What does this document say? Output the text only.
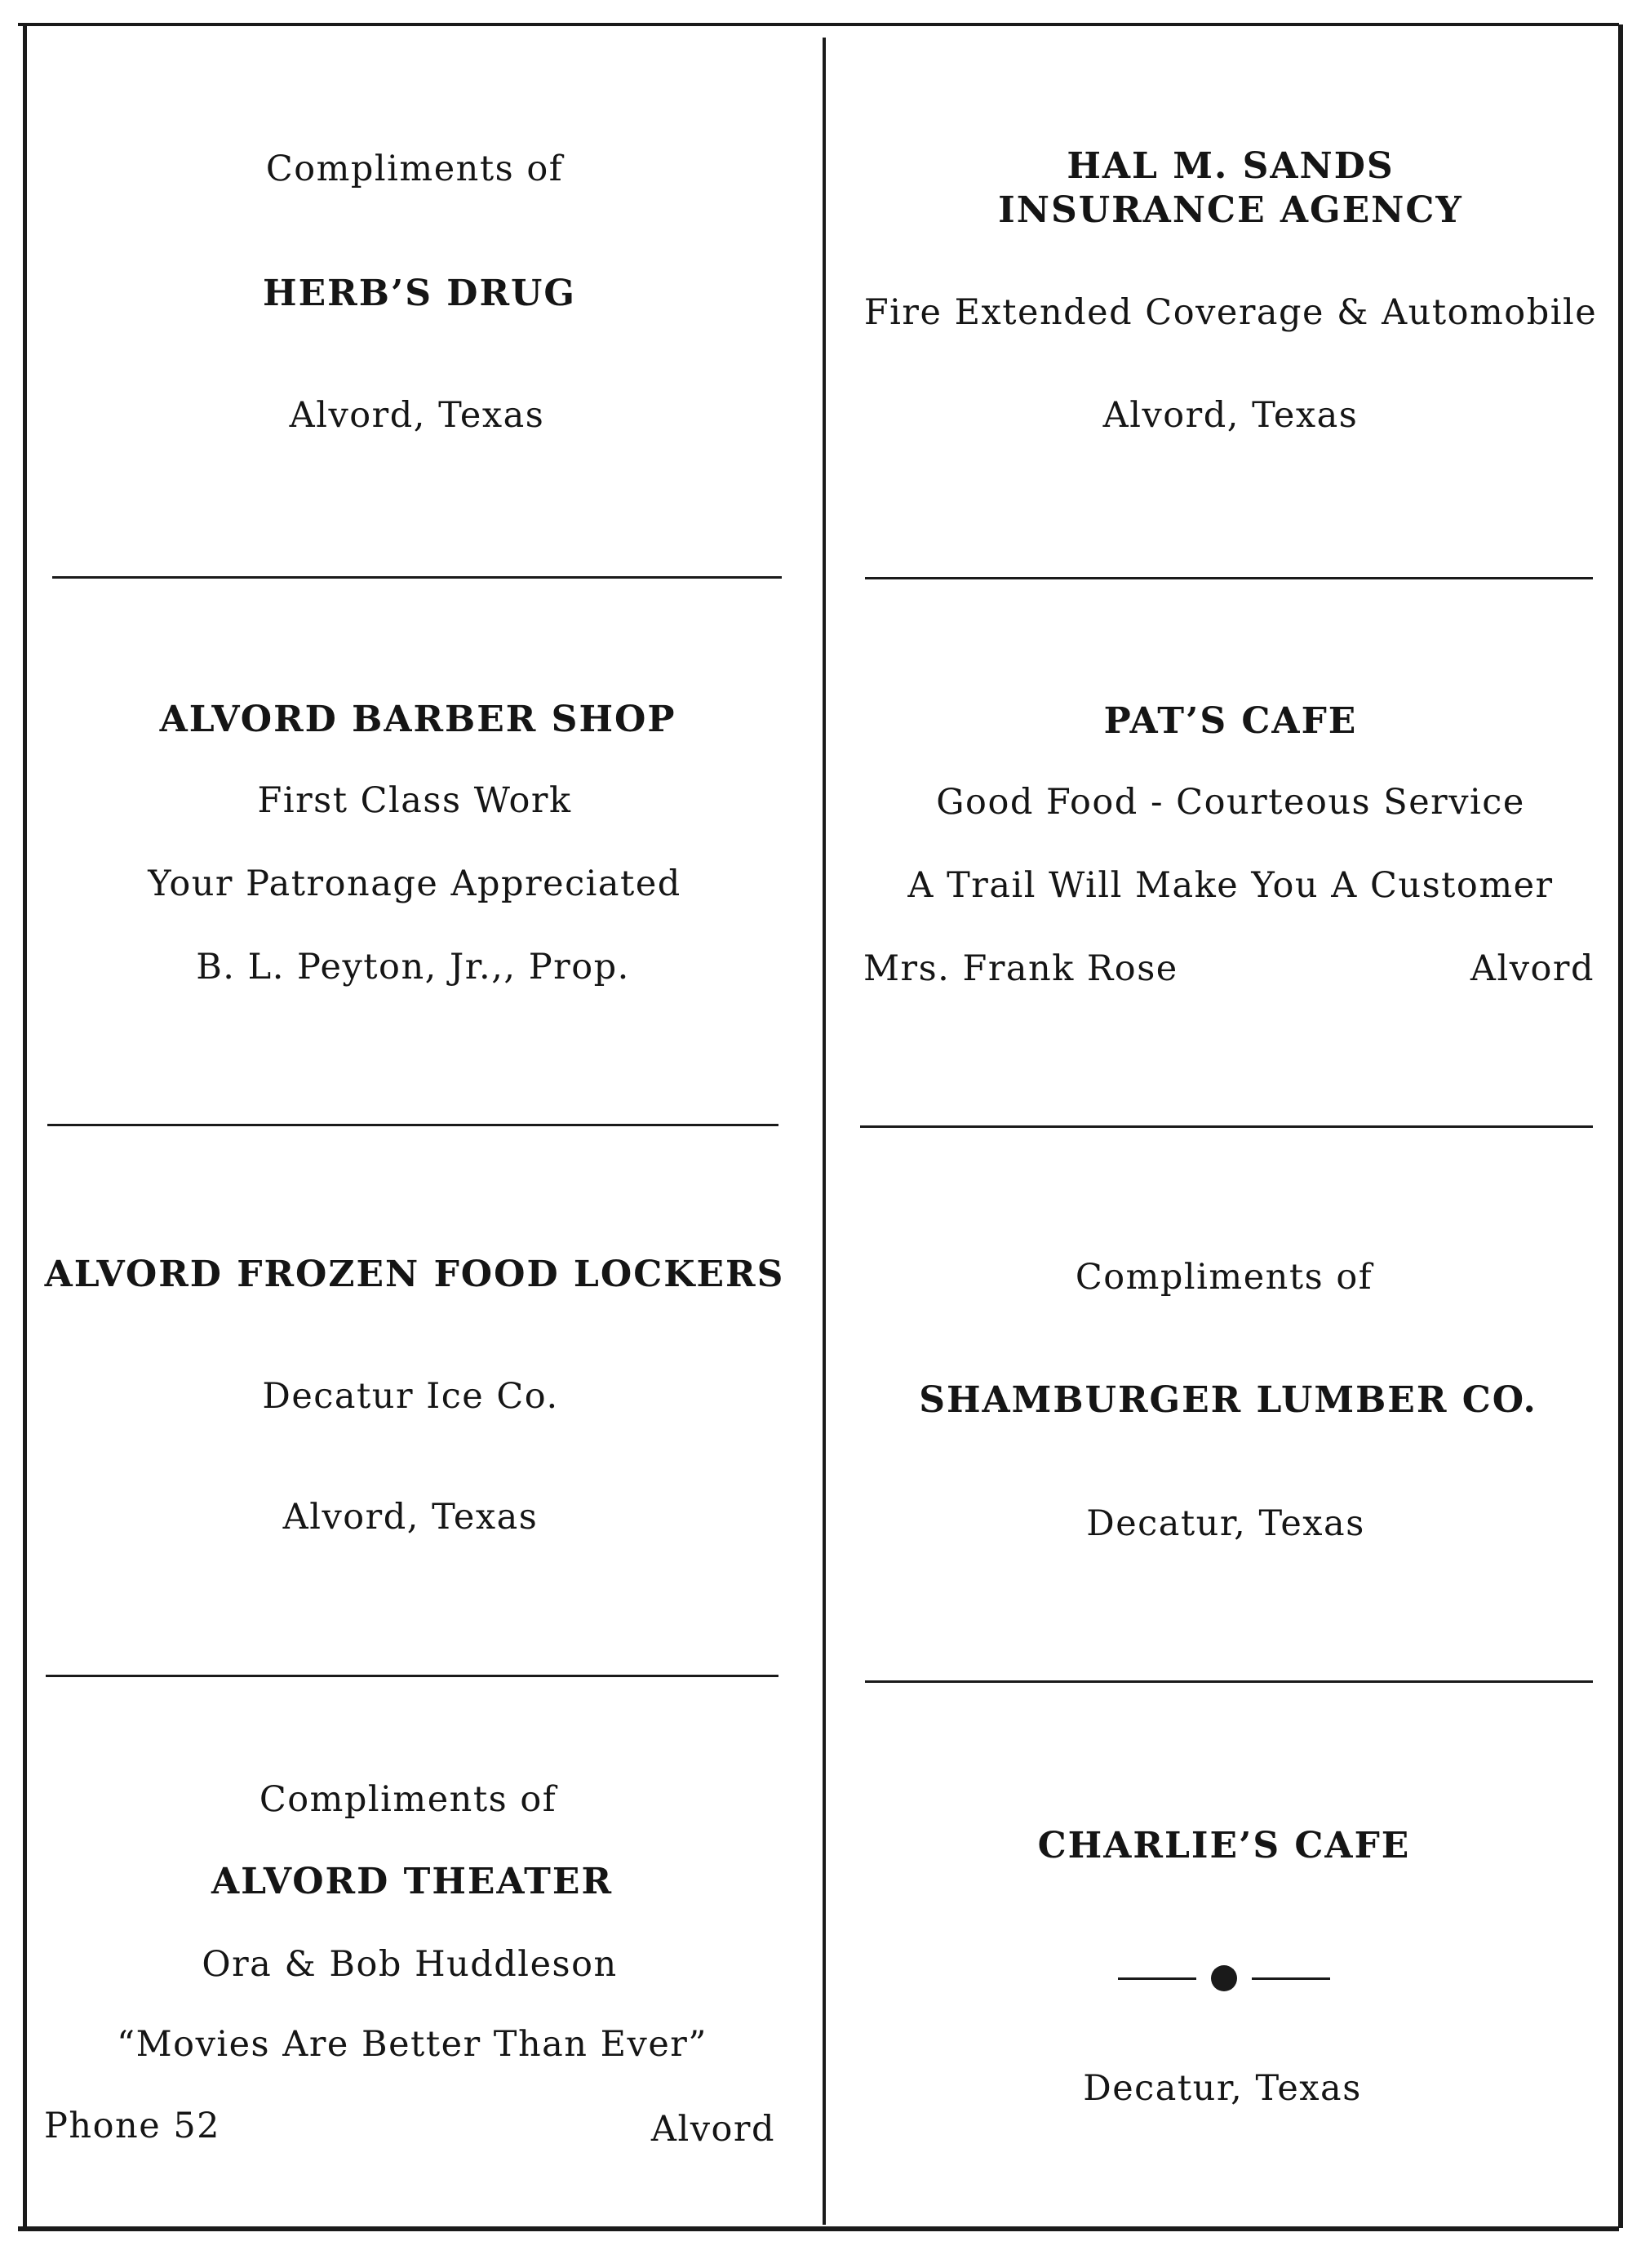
Compliments of
HERB’S DRUG
Alvord, Texas
HAL M. SANDS
INSURANCE AGENCY
Fire Extended Coverage & Automobile
Alvord, Texas
ALVORD BARBER SHOP
First Class Work
Your Patronage Appreciated
B. L. Peyton, Jr.,, Prop.
PAT’S CAFE
Good Food - Courteous Service
A Trail Will Make You A Customer
Mrs. Frank Rose	Alvord
ALVORD FROZEN FOOD LOCKERS
Decatur Ice Co.
Alvord, Texas
Compliments of
SHAMBURGER LUMBER CO.
Decatur, Texas
Compliments of
ALVORD THEATER
Ora & Bob Huddleson
“Movies Are Better Than Ever”
Phone 52	Alvord
CHARLIE’S CAFE
Decatur, Texas
